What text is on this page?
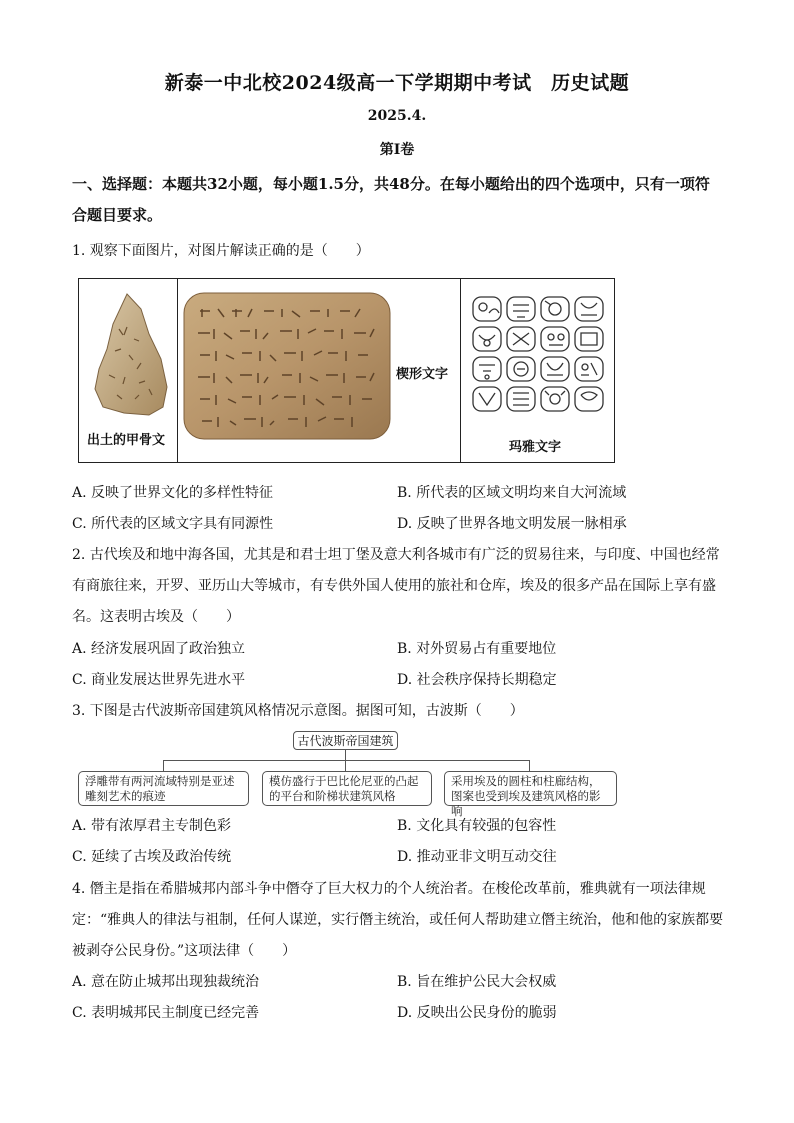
新泰一中北校2024级高一下学期期中考试　历史试题
2025.4.
第Ⅰ卷
一、选择题：本题共32小题，每小题1.5分，共48分。在每小题给出的四个选项中，只有一项符合题目要求。
1. 观察下面图片，对图片解读正确的是（　　）
出土的甲骨文
楔形文字
玛雅文字
A. 反映了世界文化的多样性特征	B. 所代表的区域文明均来自大河流域
C. 所代表的区域文字具有同源性	D. 反映了世界各地文明发展一脉相承
2. 古代埃及和地中海各国，尤其是和君士坦丁堡及意大利各城市有广泛的贸易往来，与印度、中国也经常有商旅往来，开罗、亚历山大等城市，有专供外国人使用的旅社和仓库，埃及的很多产品在国际上享有盛名。这表明古埃及（　　）
A. 经济发展巩固了政治独立	B. 对外贸易占有重要地位
C. 商业发展达世界先进水平	D. 社会秩序保持长期稳定
3. 下图是古代波斯帝国建筑风格情况示意图。据图可知，古波斯（　　）
古代波斯帝国建筑
浮雕带有两河流域特别是亚述雕刻艺术的痕迹
模仿盛行于巴比伦尼亚的凸起的平台和阶梯状建筑风格
采用埃及的圆柱和柱廊结构，图案也受到埃及建筑风格的影响
A. 带有浓厚君主专制色彩	B. 文化具有较强的包容性
C. 延续了古埃及政治传统	D. 推动亚非文明互动交往
4. 僭主是指在希腊城邦内部斗争中僭夺了巨大权力的个人统治者。在梭伦改革前，雅典就有一项法律规定：“雅典人的律法与祖制，任何人谋逆，实行僭主统治，或任何人帮助建立僭主统治，他和他的家族都要被剥夺公民身份。”这项法律（　　）
A. 意在防止城邦出现独裁统治	B. 旨在维护公民大会权威
C. 表明城邦民主制度已经完善	D. 反映出公民身份的脆弱
